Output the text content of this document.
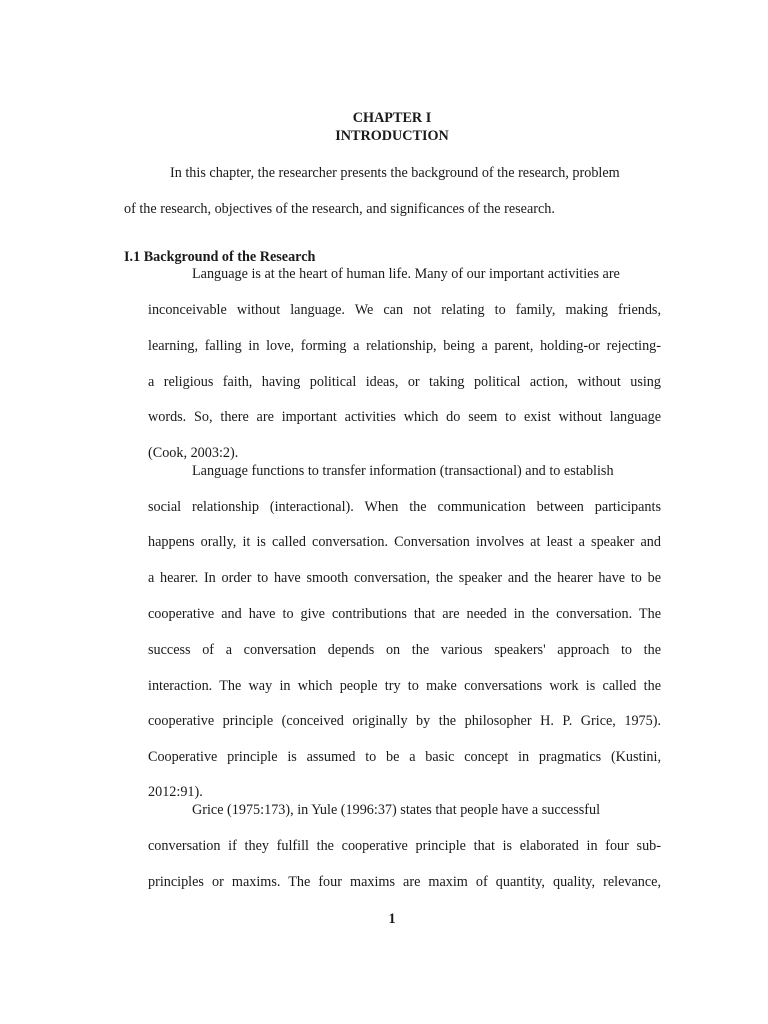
CHAPTER I
INTRODUCTION
In this chapter, the researcher presents the background of the research, problem
of the research, objectives of the research, and significances of the research.
I.1 Background of the Research
Language is at the heart of human life. Many of our important activities are
inconceivable without language. We can not relating to family, making friends,
learning, falling in love, forming a relationship, being a parent, holding-or rejecting-
a religious faith, having political ideas, or taking political action, without using
words. So, there are important activities which do seem to exist without language
(Cook, 2003:2).
Language functions to transfer information (transactional) and to establish
social relationship (interactional). When the communication between participants
happens orally, it is called conversation. Conversation involves at least a speaker and
a hearer. In order to have smooth conversation, the speaker and the hearer have to be
cooperative and have to give contributions that are needed in the conversation. The
success of a conversation depends on the various speakers' approach to the
interaction. The way in which people try to make conversations work is called the
cooperative principle (conceived originally by the philosopher H. P. Grice, 1975).
Cooperative principle is assumed to be a basic concept in pragmatics (Kustini,
2012:91).
Grice (1975:173), in Yule (1996:37) states that people have a successful
conversation if they fulfill the cooperative principle that is elaborated in four sub-
principles or maxims. The four maxims are maxim of quantity, quality, relevance,
1
